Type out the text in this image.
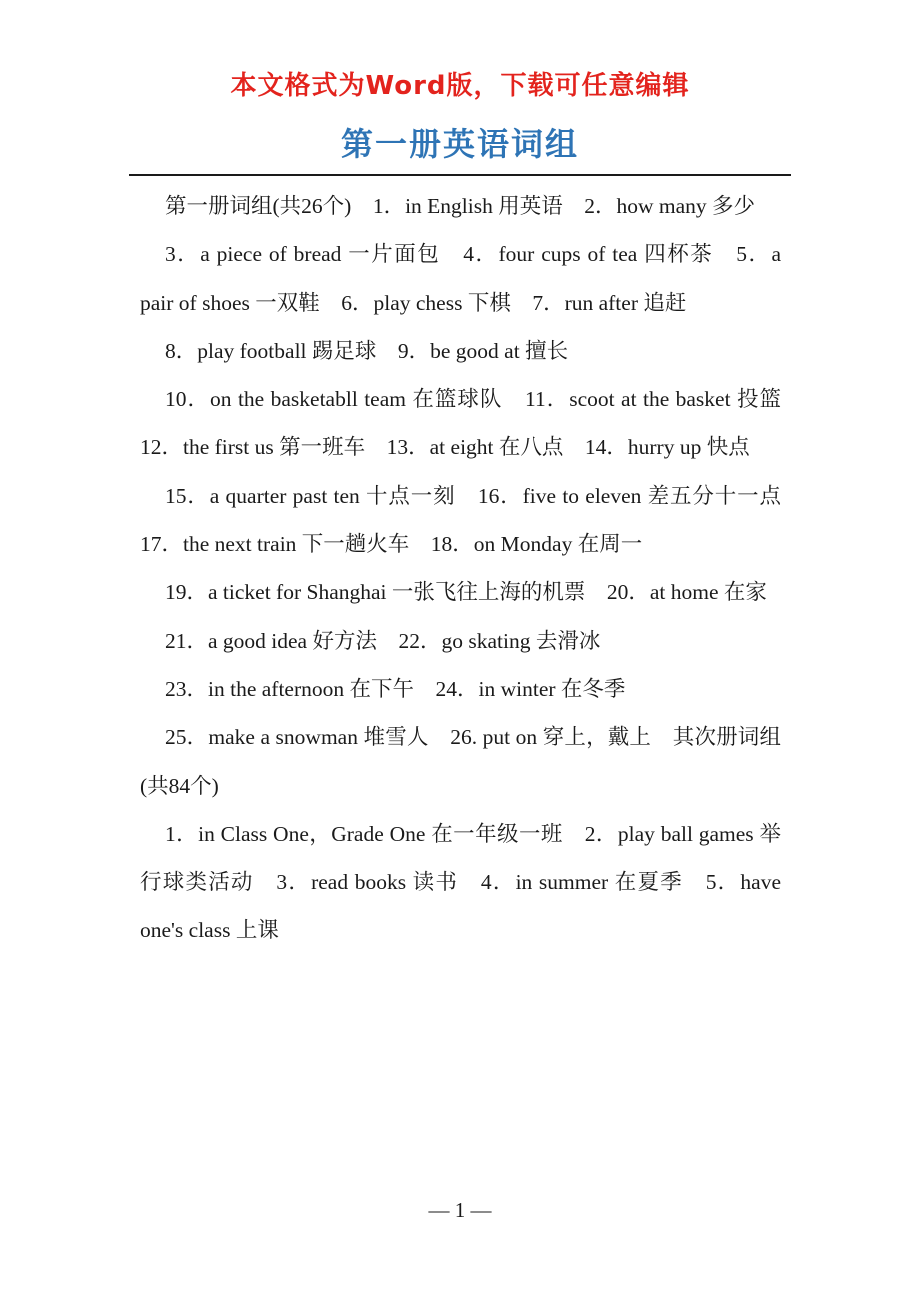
本文格式为Word版，下载可任意编辑
第一册英语词组

第一册词组(共26个)　1．in English 用英语　2．how many 多少

3．a piece of bread 一片面包　4．four cups of tea 四杯茶　5．a pair of shoes 一双鞋　6．play chess 下棋　7．run after 追赶

8．play football 踢足球　9．be good at 擅长

10．on the basketabll team 在篮球队　11．scoot at the basket 投篮　12．the first us 第一班车　13．at eight 在八点　14．hurry up 快点

15．a quarter past ten 十点一刻　16．five to eleven 差五分十一点　17．the next train 下一趟火车　18．on Monday 在周一

19．a ticket for Shanghai 一张飞往上海的机票　20．at home 在家

21．a good idea 好方法　22．go skating 去滑冰

23．in the afternoon 在下午　24．in winter 在冬季

25．make a snowman 堆雪人　26. put on 穿上，戴上　其次册词组(共84个)

1．in Class One，Grade One 在一年级一班　2．play ball games 举行球类活动　3．read books 读书　4．in summer 在夏季　5．have one's class 上课

— 1 —
